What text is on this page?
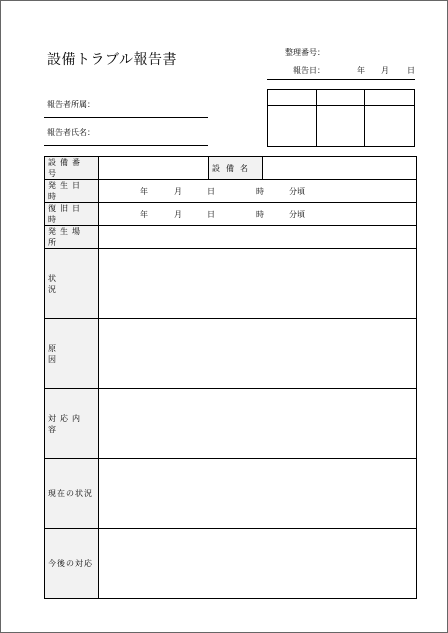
設備トラブル報告書	整理番号：
報告日：	年 月 日
報告者所属：
報告者氏名：
設備番号		設備名	
発生日時	年 月 日 時 分頃		

復旧日時	年 月 日 時 分頃		

発生場所			

状況			

原因			

対応内容			

現在の状況			

今後の対応			
